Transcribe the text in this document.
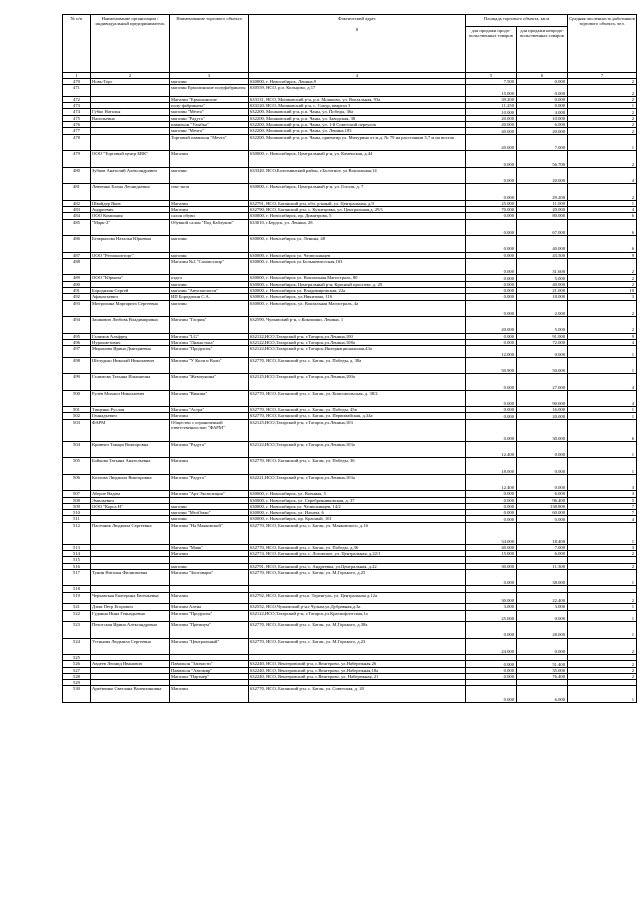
№ п/п	Наименование организации / индивидуальный предприниматель	Наименование торгового объекта	Фактический адрес
8	Площадь торгового объекта, кв.м		Средняя численность работников торгового объекта, чел.
				для продажи продо- вольственных товаров	для продажи непродо- вольственных товаров	
1	2	3	4	5	6	7
470	Новь-Торг	магазин	630000, г. Новосибирск, Ленина,9	7.500	0.000	2
471		магазин Ермолинские полуфабрикаты	630559, НСО, р.п. Кольцово, д.17	15.000	0.000	2
472		Магазин "Ермолинские	633131, НСО, Мошковский р-н, р.п. Мошково, ул. Вокзальная, 93а	39.200	0.000	2
473		полу-фабрикаты"	633120, НСО, Мошковский р-н, с. Сокур, квартал 3	11.250	0.000	1
474	Губко Наталья	магазин "Мечта"	632200, Мошковский р-н, р.п. Чаны, ул. Победы, 36а	10.000	4.000	2
475	Васильевна	магазин "Радуга"	632200, Мошковский р-н, р.п. Чаны, ул. Заводская, 38	20.000	10.000	2
476		павильон "Улыбка"	632200, Мошковский р-н, р.п. Чаны, ул. 1-й Советский переулок	20.000	6.000	2
477		магазин "Мечта"	632200, Мошковский р-н, р.п. Чаны, ул. Ленина,185	40.000	20.000	2
478		Торговый павильон "Мечта"	632200, Мошковский р-н, р.п. Чаны, ориентир ул. Мичурина от ж.д. № 79 на расстоянии 5,7 м на восток	20.000	7.000	1
479	ООО "Торговый центр БВК"	Магазин	630000, г. Новосибирск, Центральный р-н, ул. Каменская, д.44	0.000	56.700	2
480	Зубков Анатолий Александрович	магазин	633340, НСО,Болотнинский район, г.Болотное, ул.Вокзальная,14	0.000	20.000	4
481	Левченко Елена Леонидьевна	секс-шоп	630000, г. Новосибирск, Центральный р-н, ул. Гоголя, д. 7	0.000	29.200	2
482	Швайдер Яков	Магазин	632791, НСО, Баганский р-н, обл. р-нный, ул. Центральная, д.9	25.000	11.000	1
483	Андреевич	Магазин	632790, НСО, Баганский р-н, с. Кузнецовка, ул. Центральная,д. 29/1	70.000	20.000	4
484	ООО Компания	салон обуви	630000, г. Новосибирск, пр. Димитрова, 5	0.000	80.000	6
485	"Марк-2"	Обувной салон "Под Каблуком"	633010, г.Бердск, ул. Ленина, 28	0.000	67.000	6
486	Безкрылова Наталья Юрьевна	магазин	630000, г. Новосибирск ул. Ленина, 48	0.000	40.000	6
487	ООО "Регионопторг"	магазин	630000, г. Новосибирск ул. Челюскинцев	0.000	43.500	9
488		Магазин №2 "Саховоспир"	630000, г. Новосибирск ул.Большевистская,103	0.000	31.600	2
489	ООО "Юрмала"	отдел	630000, г. Новосибирск ул. Вокзальная Магистраль, 80	0.000	5.000	2
490		магазин	630000, г. Новосибирск, Центральный р-н, Красный проспект, д. 29	0.000	40.000	2
491	Бородихин Сергей	магазин "Автозапчасти"	630000, г. Новосибирск ул. Владимировская, 22а	0.000	21.000	10
492	Афанасьевич	ИП Бородихин С.А.	630000, г. Новосибирск, ул.Никитина, 116	0.000	18.000	3
493	Митрохина Маргарита Сергеевна	магазин	630000, г. Новосибирск, ул. Вокзальная Магистраль, 4а	0.000	2.000	2
494	Зашкович Любовь Владимировна	Магазин "Глория"	632590, Чулымский р-н, с.Кокошино, Ленина, 1	20.000	5.000	2
495	Галимов Альфред	Магазин "LG"	632122,НСО,Татарский р-н, г.Татарск,ул.Ленина,100	0.000	91.000	9
496	Нурахметович	Магазин "Лиана тока"	632122,НСО,Татарский р-н, г.Татарск,ул.Ленина,108а	0.000	72.000	4
497	Миронова Ирина Дмитриевна	Магазин "Продукты"	632122,НСО,Татарский р-н, г.Татарск,Интернациональная,43а	12.000	0.000	1
498	Шелудько Николай Николаевич	Магазин "У Коли и Вали"	632770, НСО, Баганский р-н, с. Баган, ул. Победы, д. 38а	50.900	50.000	1
499	Галимова Татьяна Ильинична	Магазин "Жемчужина"	632125,НСО,Татарский р-н, г.Татарск,ул.Ленина,100а	0.000	27.000	4
500	Рулёв Михаил Николаевич	Магазин "Викома"	632770, НСО, Баганский р-н, с. Баган, ул. Комсомольская, д. 38/2	0.000	90.000	4
501	Тищенко Руслан	Магазин "Астра"	632770, НСО, Баганский р-н, с. Баган, ул. Победы, 45в	0.000	16.000	1
502	Геннадьевич	Магазин	632770, НСО, Баганский р-н, с. Баган, ул. Первомайская, д.34а	0.000	20.000	1
503	ФАРМ	Общество с ограниченной ответственностью "ФАРМ"	632125,НСО,Татарский р-н, г.Татарск,ул.Ленина,103	0.000	30.000	6
504	Кривенч Тамара Викторовна	Магазин "Радуга"	632122,НСО,Татарский р-н, г.Татарск,ул.Ленина,103а	12.400	0.000	1
505	Бойкова Татьяна Анатольевна	Магазин	632770, НСО, Баганский р-н, с. Баган, ул. Победы, 36	18.000	0.000	1
506	Козлова Людмила Викторовна	Магазин "Радуга"	632221,НСО,Татарский р-н, г.Татарск,ул.Ленина,103а	12.400	0.000	3
507	Аберле Вадим	Магазин "Арт Экспозиция"	630000, г. Новосибирск, ул. Военная, 5	0.000	6.000	3
508	Эмильевич		630000, г. Новосибирск, ул. Серебренниковская, д. 37	0.000	96.400	5
509	ООО "Корса Н"	магазин	630000, г. Новосибирск ул. Челюскинцев, 14/2	0.000	138.800	7
510		магазин "МелОман"	630000, г. Новосибирск, ул. Ильича, 6	0.000	60.000	7
511		магазин	630000, г. Новосибирск, пр. Красный, 101	0.000	0.000	4
512	Пасечник Людмила Сергеевна	Магазин "На Маяковской"	632770, НСО, Баганский р-н, с. Баган, ул. Маяковского, д.16	34.000	18.400	1
513		Магазин "Маяк"	632770, НСО, Баганский р-н, с. Баган, ул. Победы, д.36	40.000	7.000	3
514		Магазин	632774, НСО, Баганский р-н, с. Лозовское, ул. Центральная, д.22/1	15.000	6.000	2
515						
516		магазин	632791, НСО, Баганский р-н, с. Андреевка, ул.Центральная, д.22	30.000	11.300	2
517	Тунин Наталья Филипповна	Магазин "Зоотовары"	632770, НСО, Баганский р-н, с. Баган, ул. М.Горького, д.25	0.000	38.000	1
518						
519	Черкавская Екатерина Евгеньевна	Магазин	632792, НСО, Баганский р-н,п. Теренгуль, ул. Центральная д.12а	30.000	22.400	2
521	Дзим Петр Егорович	Магазин Алена	632552, НСО,Чулымский р-н,г.Чулым,ул.Дубравная,д.3а	3.000	3.000	1
522	Гуданна Нина Геннадьевна	Магазин "Продукты"	632122,НСО,Татарский р-н, г.Татарск,ул.Краснофлотская,1а	25.000	0.000	1
523	Пехотская Ирина Александровна	Магазин "Премиум"	632770, НСО, Баганский р-н, с. Баган, ул. М.Горького, д.38а	0.000	28.000	1
524	Устинова Людмила Сергеевна	Магазин "Центральный"	632770, НСО, Баганский р-н, с. Баган, ул. М.Горького, д.23	24.000	0.000	2
525						
526	Авдеев Леонид Иванович	Павильон "Запчасти"	632240, НСО, Венгеровский р-н, с.Венгерово, ул.Набережная,26	0.000	51.400	2
527		Павильон "Автомир"	632240, НСО, Венгеровский р-н, с.Венгерово, ул.Набережная,18а	0.000	35.000	2
528		Магазин "Партнёр"	632240, НСО, Венгеровский р-н, с.Венгерово, ул. Набережная, 21	0.000	76.400	2
529						
530	Артёменко Светлана Валентиновна	Магазин	632770, НСО, Баганский р-н, с. Баган, ул. Советская, д. 20	0.000	6.000	1
